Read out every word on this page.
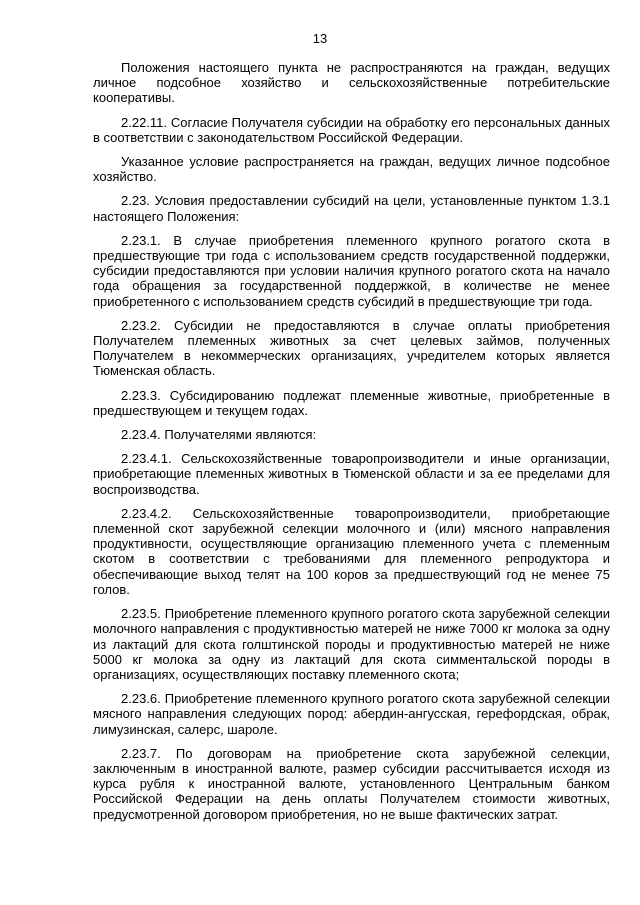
13

Положения настоящего пункта не распространяются на граждан, ведущих личное подсобное хозяйство и сельскохозяйственные потребительские кооперативы.

2.22.11. Согласие Получателя субсидии на обработку его персональных данных в соответствии с законодательством Российской Федерации.

Указанное условие распространяется на граждан, ведущих личное подсобное хозяйство.

2.23. Условия предоставлении субсидий на цели, установленные пунктом 1.3.1 настоящего Положения:

2.23.1. В случае приобретения племенного крупного рогатого скота в предшествующие три года с использованием средств государственной поддержки, субсидии предоставляются при условии наличия крупного рогатого скота на начало года обращения за государственной поддержкой, в количестве не менее приобретенного с использованием средств субсидий в предшествующие три года.

2.23.2. Субсидии не предоставляются в случае оплаты приобретения Получателем племенных животных за счет целевых займов, полученных Получателем в некоммерческих организациях, учредителем которых является Тюменская область.

2.23.3. Субсидированию подлежат племенные животные, приобретенные в предшествующем и текущем годах.

2.23.4. Получателями являются:

2.23.4.1. Сельскохозяйственные товаропроизводители и иные организации, приобретающие племенных животных в Тюменской области и за ее пределами для воспроизводства.

2.23.4.2. Сельскохозяйственные товаропроизводители, приобретающие племенной скот зарубежной селекции молочного и (или) мясного направления продуктивности, осуществляющие организацию племенного учета с племенным скотом в соответствии с требованиями для племенного репродуктора и обеспечивающие выход телят на 100 коров за предшествующий год не менее 75 голов.

2.23.5. Приобретение племенного крупного рогатого скота зарубежной селекции молочного направления с продуктивностью матерей не ниже 7000 кг молока за одну из лактаций для скота голштинской породы и продуктивностью матерей не ниже 5000 кг молока за одну из лактаций для скота симментальской породы в организациях, осуществляющих поставку племенного скота;

2.23.6. Приобретение племенного крупного рогатого скота зарубежной селекции мясного направления следующих пород: абердин-ангусская, герефордская, обрак, лимузинская, салерс, шароле.

2.23.7. По договорам на приобретение скота зарубежной селекции, заключенным в иностранной валюте, размер субсидии рассчитывается исходя из курса рубля к иностранной валюте, установленного Центральным банком Российской Федерации на день оплаты Получателем стоимости животных, предусмотренной договором приобретения, но не выше фактических затрат.
